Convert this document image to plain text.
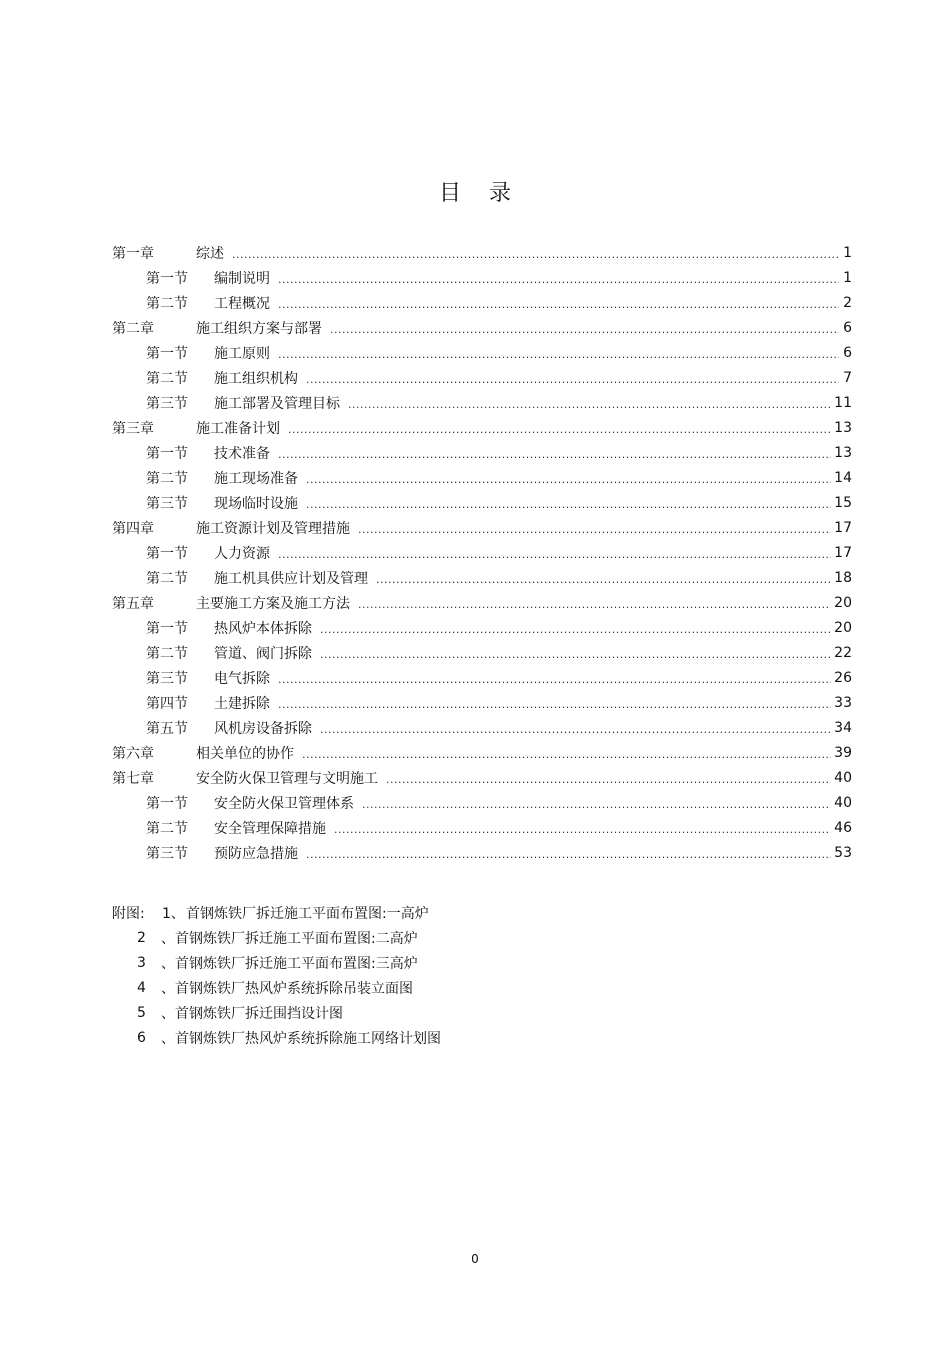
目 录
第一章	综述 .....	1
第一节	编制说明 .....	1
第二节	工程概况 .....	2
第二章	施工组织方案与部署 .....	6
第一节	施工原则 .....	6
第二节	施工组织机构 .....	7
第三节	施工部署及管理目标 .....	11
第三章	施工准备计划 .....	13
第一节	技术准备 .....	13
第二节	施工现场准备 .....	14
第三节	现场临时设施 .....	15
第四章	施工资源计划及管理措施 .....	17
第一节	人力资源 .....	17
第二节	施工机具供应计划及管理 .....	18
第五章	主要施工方案及施工方法 .....	20
第一节	热风炉本体拆除 .....	20
第二节	管道、阀门拆除 .....	22
第三节	电气拆除 .....	26
第四节	土建拆除 .....	33
第五节	风机房设备拆除 .....	34
第六章	相关单位的协作 .....	39
第七章	安全防火保卫管理与文明施工 .....	40
第一节	安全防火保卫管理体系 .....	40
第二节	安全管理保障措施 .....	46
第三节	预防应急措施 .....	53
附图:	1、 首钢炼铁厂拆迁施工平面布置图:一高炉
2	、首钢炼铁厂拆迁施工平面布置图:二高炉
3	、首钢炼铁厂拆迁施工平面布置图:三高炉
4	、首钢炼铁厂热风炉系统拆除吊装立面图
5	、首钢炼铁厂拆迁围挡设计图
6	、首钢炼铁厂热风炉系统拆除施工网络计划图
0
